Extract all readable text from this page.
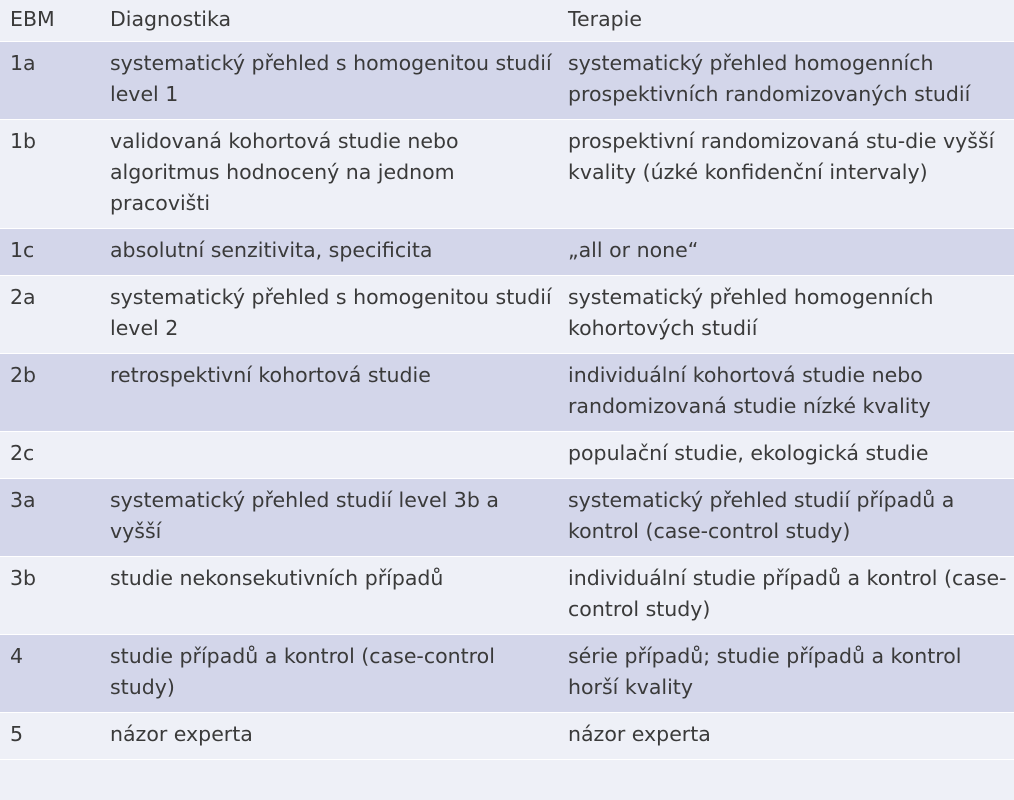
EBM	Diagnostika	Terapie
1a	systematický přehled s homogenitou studií level 1	systematický přehled homogenních prospektivních randomizovaných studií
1b	validovaná kohortová studie nebo algoritmus hodnocený na jednom pracovišti	prospektivní randomizovaná stu-die vyšší kvality (úzké konfidenční intervaly)
1c	absolutní senzitivita, specificita	„all or none“
2a	systematický přehled s homogenitou studií level 2	systematický přehled homogenních kohortových studií
2b	retrospektivní kohortová studie	individuální kohortová studie nebo randomizovaná studie nízké kvality
2c		populační studie, ekologická studie
3a	systematický přehled studií level 3b a vyšší	systematický přehled studií případů a kontrol (case-control study)
3b	studie nekonsekutivních případů	individuální studie případů a kontrol (case-control study)
4	studie případů a kontrol (case-control study)	série případů; studie případů a kontrol horší kvality
5	názor experta	názor experta
